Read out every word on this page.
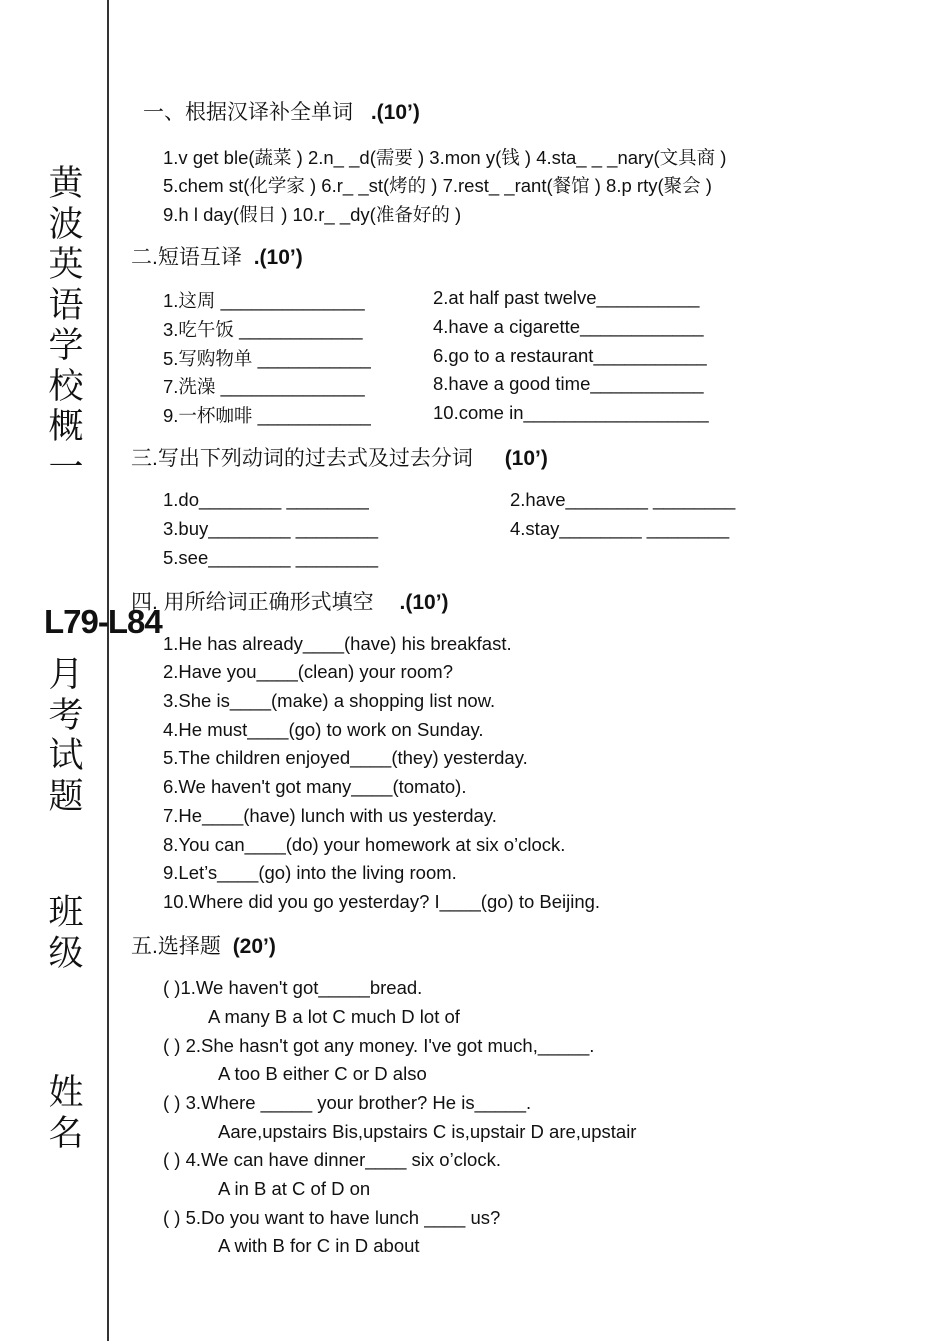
黄波英语学校概一
L79-L84
月考试题
班级
姓名
一、根据汉译补全单词 .(10’)
1.v get ble(蔬菜 ) 2.n_ _d(需要 ) 3.mon y(钱 ) 4.sta_ _ _nary(文具商 )
5.chem st(化学家 ) 6.r_ _st(烤的 ) 7.rest_ _rant(餐馆 ) 8.p rty(聚会 )
9.h l day(假日 ) 10.r_ _dy(准备好的 )
二.短语互译 .(10’)
1.这周 ______________
3.吃午饭 ____________
5.写购物单 ___________
7.洗澡 ______________
9.一杯咖啡 ___________
2.at half past twelve__________
4.have a cigarette____________
6.go to a restaurant___________
8.have a good time___________
10.come in__________________
三.写出下列动词的过去式及过去分词 (10’)
1.do________ ________
3.buy________ ________
5.see________ ________
2.have________ ________
4.stay________ ________
四. 用所给词正确形式填空 .(10’)
1.He has already____(have) his breakfast.
2.Have you____(clean) your room?
3.She is____(make) a shopping list now.
4.He must____(go) to work on Sunday.
5.The children enjoyed____(they) yesterday.
6.We haven't got many____(tomato).
7.He____(have) lunch with us yesterday.
8.You can____(do) your homework at six o’clock.
9.Let’s____(go) into the living room.
10.Where did you go yesterday? I____(go) to Beijing.
五.选择题 (20’)
( )1.We haven't got_____bread.
A many B a lot C much D lot of
( ) 2.She hasn't got any money. I've got much,_____.
A too B either C or D also
( ) 3.Where _____ your brother? He is_____.
Aare,upstairs Bis,upstairs C is,upstair D are,upstair
( ) 4.We can have dinner____ six o’clock.
A in B at C of D on
( ) 5.Do you want to have lunch ____ us?
A with B for C in D about
